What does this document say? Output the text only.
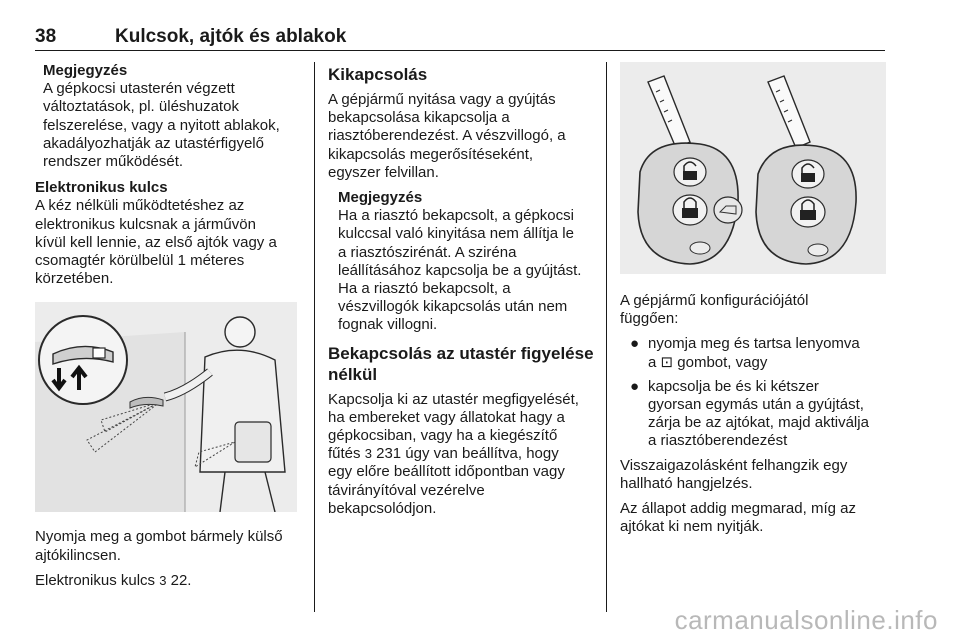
38	Kulcsok, ajtók és ablakok
Megjegyzés
A gépkocsi utasterén végzett
változtatások, pl. üléshuzatok
felszerelése, vagy a nyitott ablakok,
akadályozhatják az utastérfigyelő
rendszer működését.
Elektronikus kulcs
A kéz nélküli működtetéshez az
elektronikus kulcsnak a járművön
kívül kell lennie, az első ajtók vagy a
csomagtér körülbelül 1 méteres
körzetében.
Nyomja meg a gombot bármely külső
ajtókilincsen.
Elektronikus kulcs 3 22.
Kikapcsolás
A gépjármű nyitása vagy a gyújtás
bekapcsolása kikapcsolja a
riasztóberendezést. A vészvillogó, a
kikapcsolás megerősítéseként,
egyszer felvillan.
Megjegyzés
Ha a riasztó bekapcsolt, a gépkocsi
kulccsal való kinyitása nem állítja le
a riasztószirénát. A sziréna
leállításához kapcsolja be a gyújtást.
Ha a riasztó bekapcsolt, a
vészvillogók kikapcsolás után nem
fognak villogni.
Bekapcsolás az utastér figyelése
nélkül
Kapcsolja ki az utastér megfigyelését,
ha embereket vagy állatokat hagy a
gépkocsiban, vagy ha a kiegészítő
fűtés 3 231 úgy van beállítva, hogy
egy előre beállított időpontban vagy
távirányítóval vezérelve
bekapcsolódjon.
A gépjármű konfigurációjától
függően:
● nyomja meg és tartsa lenyomva
a ⊡ gombot, vagy
● kapcsolja be és ki kétszer
gyorsan egymás után a gyújtást,
zárja be az ajtókat, majd aktiválja
a riasztóberendezést
Visszaigazolásként felhangzik egy
hallható hangjelzés.
Az állapot addig megmarad, míg az
ajtókat ki nem nyitják.
carmanualsonline.info
